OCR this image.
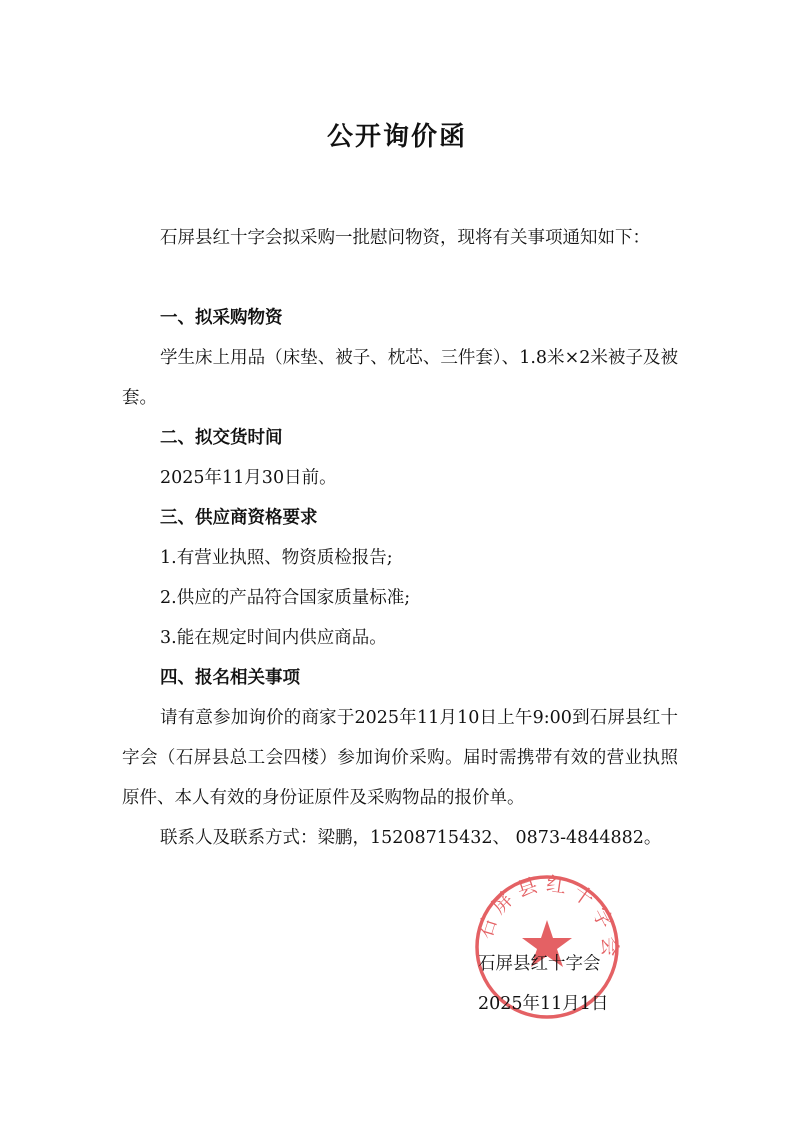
公开询价函

石屏县红十字会拟采购一批慰问物资，现将有关事项通知如下：

一、拟采购物资

学生床上用品（床垫、被子、枕芯、三件套）、1.8米×2米被子及被套。

二、拟交货时间
2025年11月30日前。
三、供应商资格要求
1.有营业执照、物资质检报告;
2.供应的产品符合国家质量标准;
3.能在规定时间内供应商品。
四、报名相关事项

请有意参加询价的商家于2025年11月10日上午9:00到石屏县红十字会（石屏县总工会四楼）参加询价采购。届时需携带有效的营业执照原件、本人有效的身份证原件及采购物品的报价单。

联系人及联系方式：梁鹏，15208715432、 0873-4844882。
石 屏 县 红 十 字 会
石屏县红十字会
2025年11月1日
